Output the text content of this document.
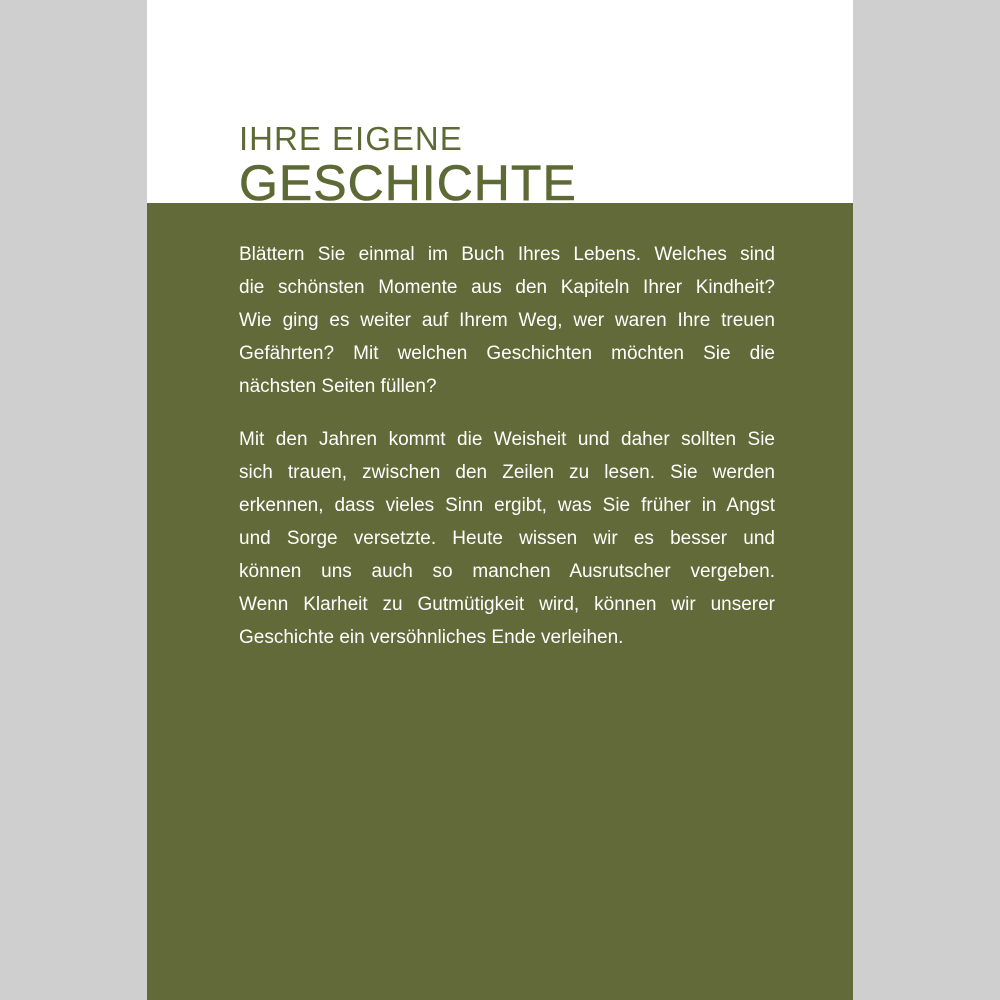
IHRE EIGENE
GESCHICHTE

Blättern Sie einmal im Buch Ihres Lebens. Welches sind
die schönsten Momente aus den Kapiteln Ihrer Kindheit?
Wie ging es weiter auf Ihrem Weg, wer waren Ihre treuen
Gefährten? Mit welchen Geschichten möchten Sie die
nächsten Seiten füllen?

Mit den Jahren kommt die Weisheit und daher sollten Sie
sich trauen, zwischen den Zeilen zu lesen. Sie werden
erkennen, dass vieles Sinn ergibt, was Sie früher in Angst
und Sorge versetzte. Heute wissen wir es besser und
können uns auch so manchen Ausrutscher vergeben.
Wenn Klarheit zu Gutmütigkeit wird, können wir unserer
Geschichte ein versöhnliches Ende verleihen.
